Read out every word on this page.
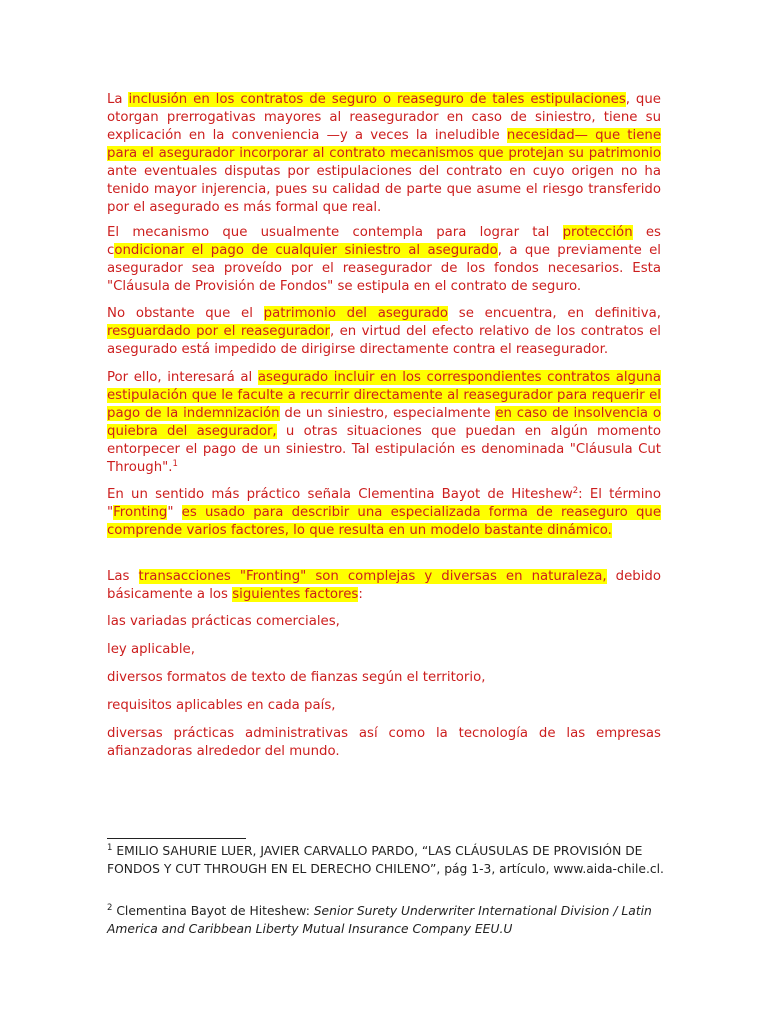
La inclusión en los contratos de seguro o reaseguro de tales estipulaciones, que otorgan prerrogativas mayores al reasegurador en caso de siniestro, tiene su explicación en la conveniencia —y a veces la ineludible necesidad— que tiene para el asegurador incorporar al contrato mecanismos que protejan su patrimonio ante eventuales disputas por estipulaciones del contrato en cuyo origen no ha tenido mayor injerencia, pues su calidad de parte que asume el riesgo transferido por el asegurado es más formal que real.

El mecanismo que usualmente contempla para lograr tal protección es condicionar el pago de cualquier siniestro al asegurado, a que previamente el asegurador sea proveído por el reasegurador de los fondos necesarios. Esta "Cláusula de Provisión de Fondos" se estipula en el contrato de seguro.

No obstante que el patrimonio del asegurado se encuentra, en definitiva, resguardado por el reasegurador, en virtud del efecto relativo de los contratos el asegurado está impedido de dirigirse directamente contra el reasegurador.

Por ello, interesará al asegurado incluir en los correspondientes contratos alguna estipulación que le faculte a recurrir directamente al reasegurador para requerir el pago de la indemnización de un siniestro, especialmente en caso de insolvencia o quiebra del asegurador, u otras situaciones que puedan en algún momento entorpecer el pago de un siniestro. Tal estipulación es denominada "Cláusula Cut Through".$^1$

En un sentido más práctico señala Clementina Bayot de Hiteshew$^2$: El término "Fronting" es usado para describir una especializada forma de reaseguro que comprende varios factores, lo que resulta en un modelo bastante dinámico.

Las transacciones "Fronting" son complejas y diversas en naturaleza, debido básicamente a los siguientes factores:

las variadas prácticas comerciales,

ley aplicable,

diversos formatos de texto de fianzas según el territorio,

requisitos aplicables en cada país,

diversas prácticas administrativas así como la tecnología de las empresas afianzadoras alrededor del mundo.

$^1$ EMILIO SAHURIE LUER, JAVIER CARVALLO PARDO, “LAS CLÁUSULAS DE PROVISIÓN DE FONDOS Y CUT THROUGH EN EL DERECHO CHILENO”, pág 1-3, artículo, www.aida-chile.cl.

$^2$ Clementina Bayot de Hiteshew: Senior Surety Underwriter International Division / Latin America and Caribbean Liberty Mutual Insurance Company EEU.U
